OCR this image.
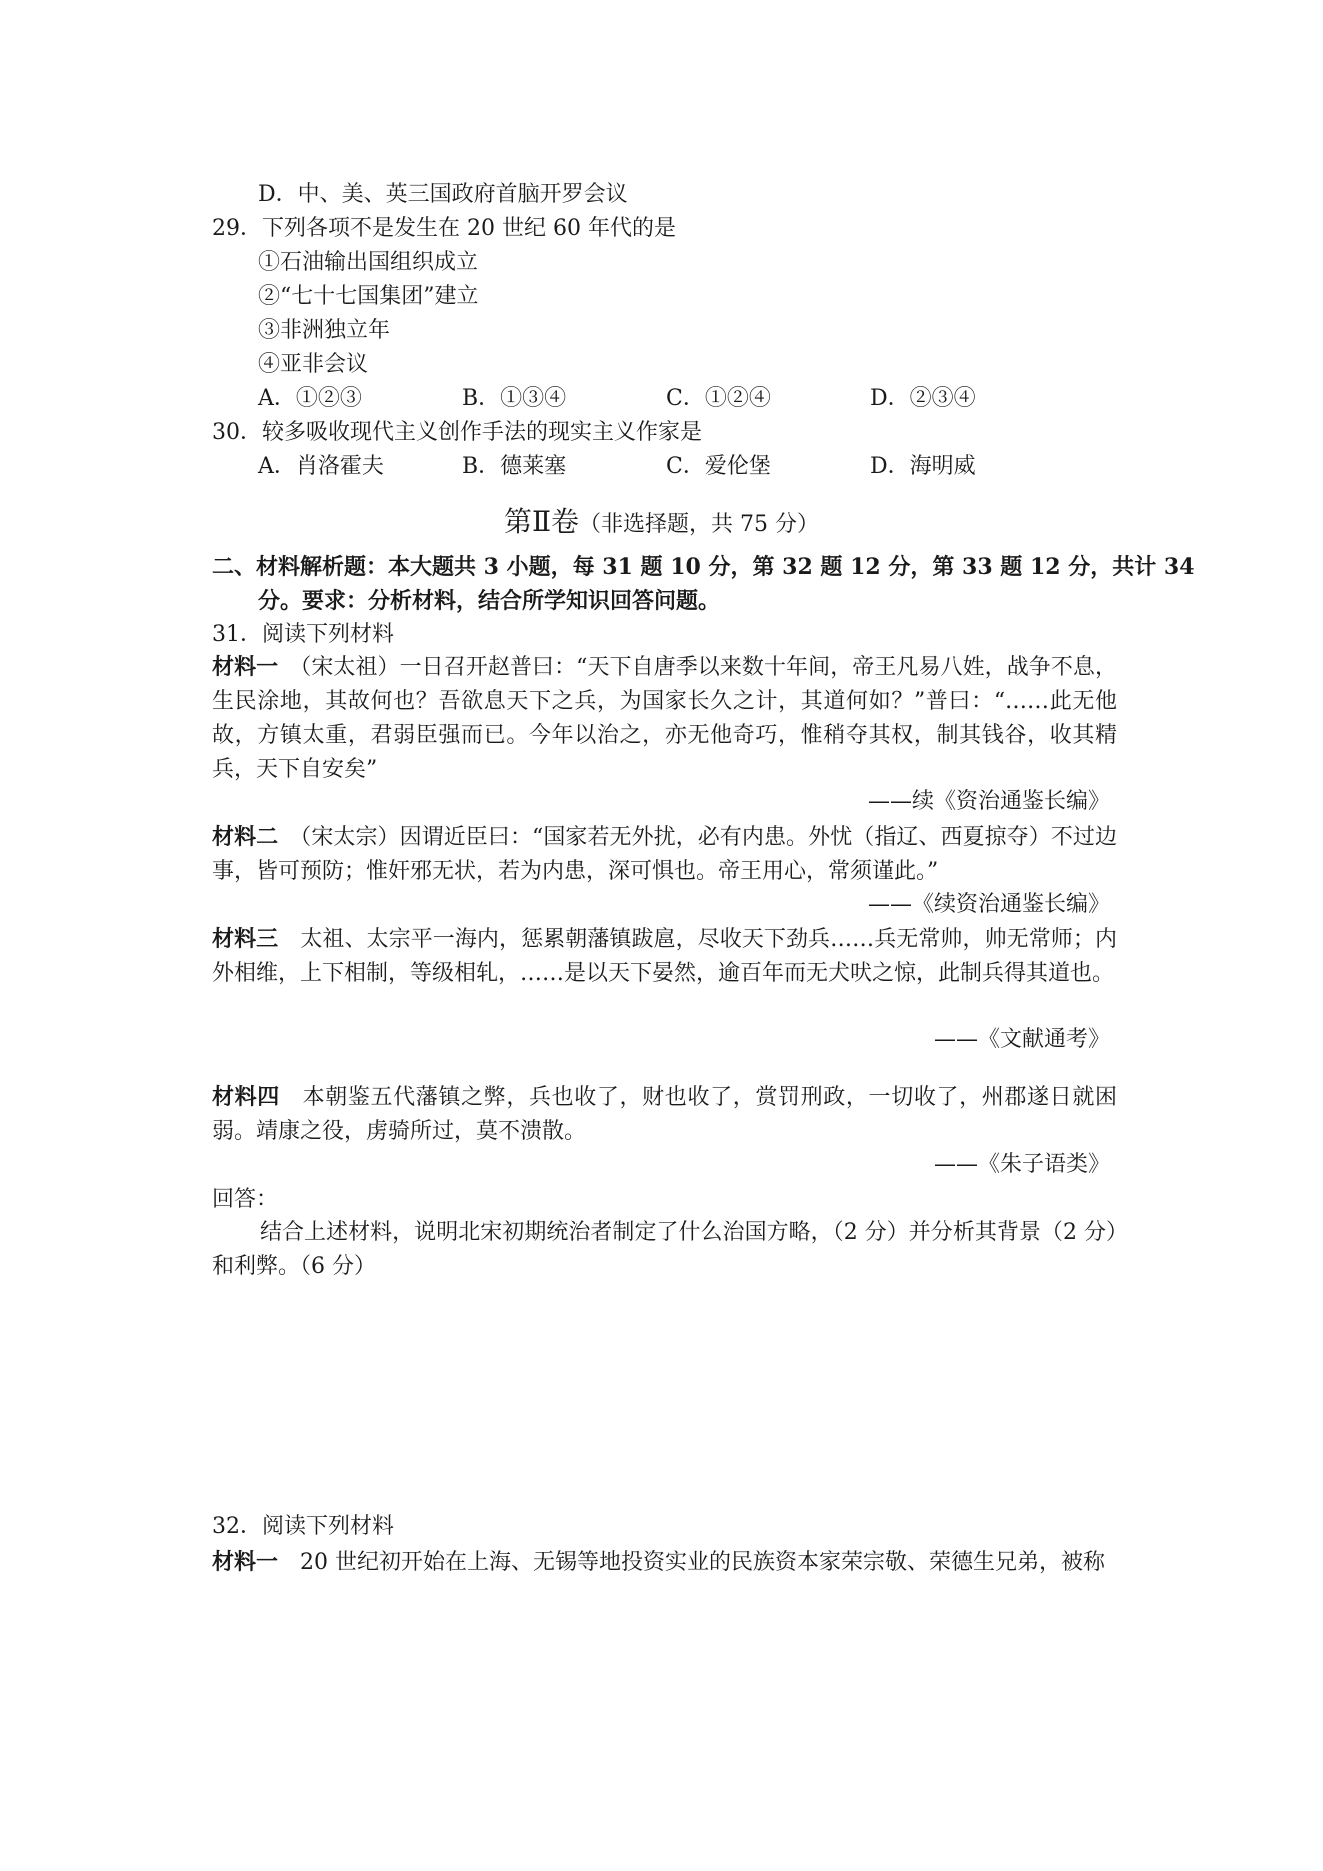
D．中、美、英三国政府首脑开罗会议
29．下列各项不是发生在 20 世纪 60 年代的是
①石油输出国组织成立
②“七十七国集团”建立
③非洲独立年
④亚非会议
A．①②③	B．①③④	C．①②④	D．②③④
30．较多吸收现代主义创作手法的现实主义作家是
A．肖洛霍夫	B．德莱塞	C．爱伦堡	D．海明威
第Ⅱ卷（非选择题，共 75 分）
二、材料解析题：本大题共 3 小题，每 31 题 10 分，第 32 题 12 分，第 33 题 12 分，共计 34
分。要求：分析材料，结合所学知识回答问题。
31．阅读下列材料
材料一　 （宋太祖）一日召开赵普曰：“天下自唐季以来数十年间，帝王凡易八姓，战争不息，生民涂地，其故何也？吾欲息天下之兵，为国家长久之计，其道何如？”普曰：“……此无他故，方镇太重，君弱臣强而已。今年以治之，亦无他奇巧，惟稍夺其权，制其钱谷，收其精兵，天下自安矣”
——续《资治通鉴长编》
材料二　 （宋太宗）因谓近臣曰：“国家若无外扰，必有内患。外忧（指辽、西夏掠夺）不过边事，皆可预防；惟奸邪无状，若为内患，深可惧也。帝王用心，常须谨此。”
——《续资治通鉴长编》
材料三　 太祖、太宗平一海内，惩累朝藩镇跋扈，尽收天下劲兵……兵无常帅，帅无常师；内外相维，上下相制，等级相轧，……是以天下晏然，逾百年而无犬吠之惊，此制兵得其道也。
——《文献通考》
材料四　 本朝鉴五代藩镇之弊，兵也收了，财也收了，赏罚刑政，一切收了，州郡遂日就困弱。靖康之役，虏骑所过，莫不溃散。
——《朱子语类》
回答：
结合上述材料，说明北宋初期统治者制定了什么治国方略，（2 分）并分析其背景（2 分）和利弊。（6 分）
32．阅读下列材料
材料一　 20 世纪初开始在上海、无锡等地投资实业的民族资本家荣宗敬、荣德生兄弟，被称
